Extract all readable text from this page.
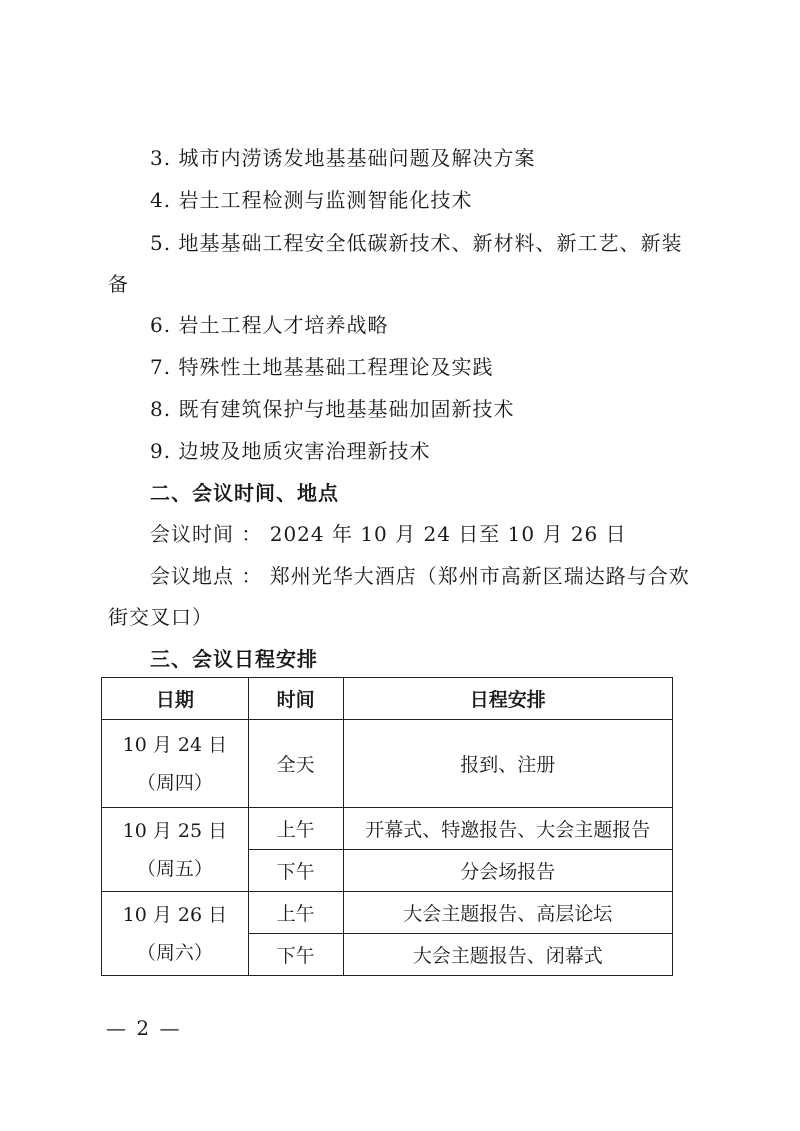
3. 城市内涝诱发地基基础问题及解决方案
4. 岩土工程检测与监测智能化技术
5. 地基基础工程安全低碳新技术、新材料、新工艺、新装
备
6. 岩土工程人才培养战略
7. 特殊性土地基基础工程理论及实践
8. 既有建筑保护与地基基础加固新技术
9. 边坡及地质灾害治理新技术
二、会议时间、地点
会议时间 ： 2024 年 10 月 24 日至 10 月 26 日
会议地点 ： 郑州光华大酒店（郑州市高新区瑞达路与合欢
街交叉口）
三、会议日程安排
日期	时间	日程安排

10 月 24 日
（周四）	全天	报到、注册

10 月 25 日
（周五）	上午	开幕式、特邀报告、大会主题报告
	下午	分会场报告

10 月 26 日
（周六）	上午	大会主题报告、高层论坛
	下午	大会主题报告、闭幕式
— 2 —
